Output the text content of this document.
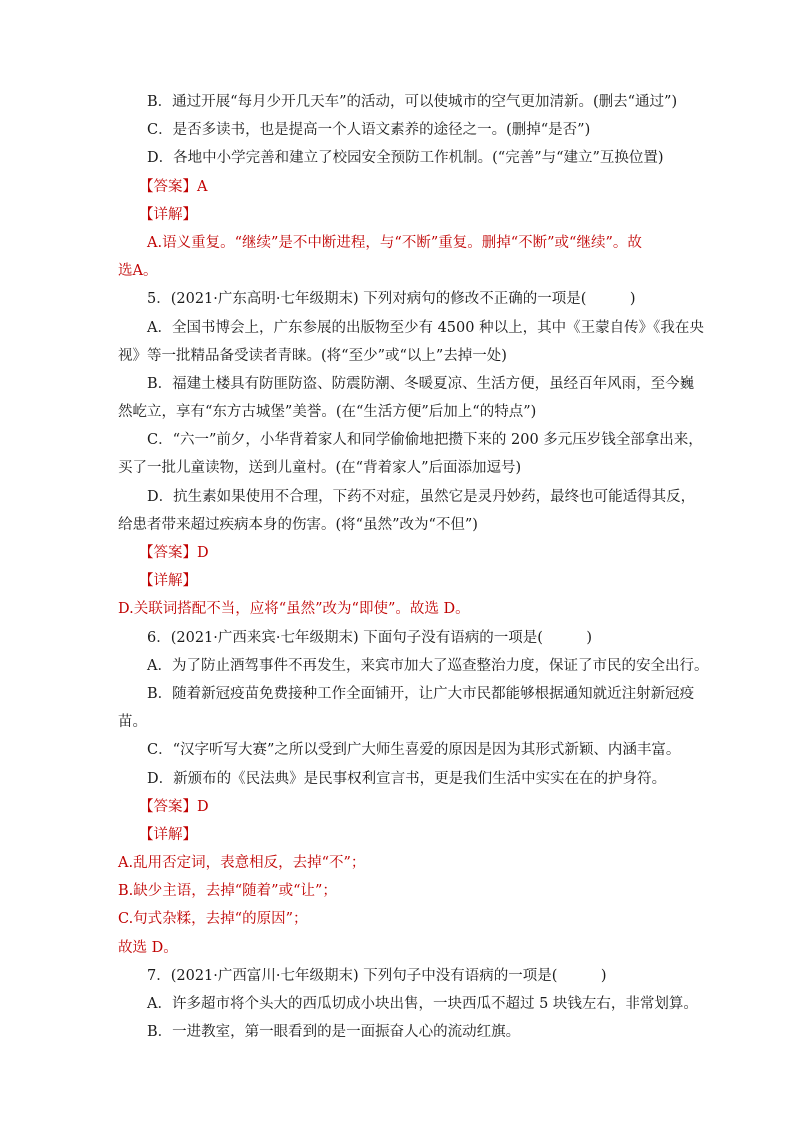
B．通过开展“每月少开几天车”的活动，可以使城市的空气更加清新。(删去“通过”)
C．是否多读书，也是提高一个人语文素养的途径之一。(删掉“是否”)
D．各地中小学完善和建立了校园安全预防工作机制。(“完善”与“建立”互换位置)
【答案】A
【详解】
A.语义重复。“继续”是不中断进程，与“不断”重复。删掉“不断”或“继续”。故
选A。
5．(2021·广东高明·七年级期末) 下列对病句的修改不正确的一项是(　　　)
A．全国书博会上，广东参展的出版物至少有 4500 种以上，其中《王蒙自传》《我在央
视》等一批精品备受读者青睐。(将“至少”或“以上”去掉一处)
B．福建土楼具有防匪防盗、防震防潮、冬暖夏凉、生活方便，虽经百年风雨，至今巍
然屹立，享有“东方古城堡”美誉。(在“生活方便”后加上“的特点”)
C．“六一”前夕，小华背着家人和同学偷偷地把攒下来的 200 多元压岁钱全部拿出来，
买了一批儿童读物，送到儿童村。(在“背着家人”后面添加逗号)
D．抗生素如果使用不合理，下药不对症，虽然它是灵丹妙药，最终也可能适得其反，
给患者带来超过疾病本身的伤害。(将“虽然”改为“不但”)
【答案】D
【详解】
D.关联词搭配不当，应将“虽然”改为“即使”。故选 D。
6．(2021·广西来宾·七年级期末) 下面句子没有语病的一项是(　　　)
A．为了防止酒驾事件不再发生，来宾市加大了巡查整治力度，保证了市民的安全出行。
B．随着新冠疫苗免费接种工作全面铺开，让广大市民都能够根据通知就近注射新冠疫
苗。
C．“汉字听写大赛”之所以受到广大师生喜爱的原因是因为其形式新颖、内涵丰富。
D．新颁布的《民法典》是民事权利宣言书，更是我们生活中实实在在的护身符。
【答案】D
【详解】
A.乱用否定词，表意相反，去掉“不”；
B.缺少主语，去掉“随着”或“让”；
C.句式杂糅，去掉“的原因”；
故选 D。
7．(2021·广西富川·七年级期末) 下列句子中没有语病的一项是(　　　)
A．许多超市将个头大的西瓜切成小块出售，一块西瓜不超过 5 块钱左右，非常划算。
B．一进教室，第一眼看到的是一面振奋人心的流动红旗。
